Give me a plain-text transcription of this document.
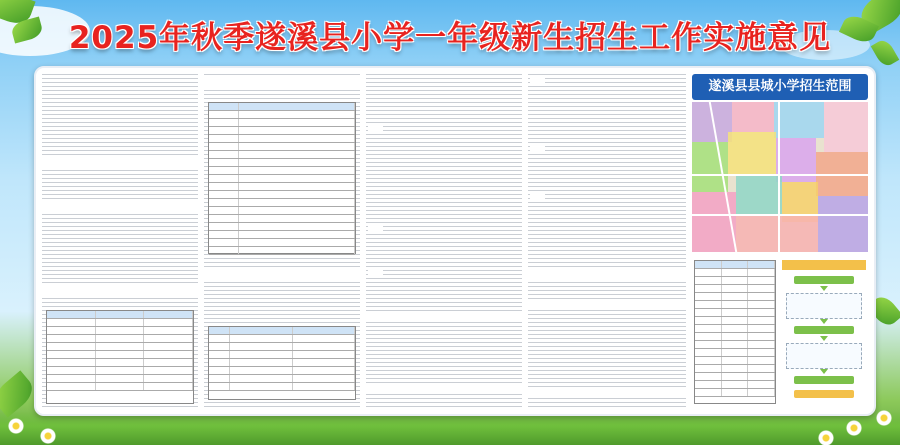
2025年秋季遂溪县小学一年级新生招生工作实施意见

遂溪县县城小学招生范围
